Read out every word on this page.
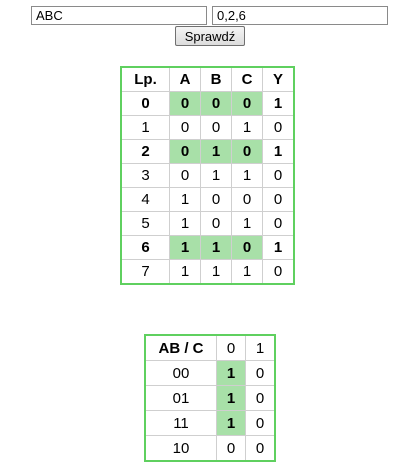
ABC
0,2,6
Sprawdź
Lp.	A	B	C	Y
0	0	0	0	1
1	0	0	1	0
2	0	1	0	1
3	0	1	1	0
4	1	0	0	0
5	1	0	1	0
6	1	1	0	1
7	1	1	1	0
AB / C	0	1
00	1	0
01	1	0
11	1	0
10	0	0
